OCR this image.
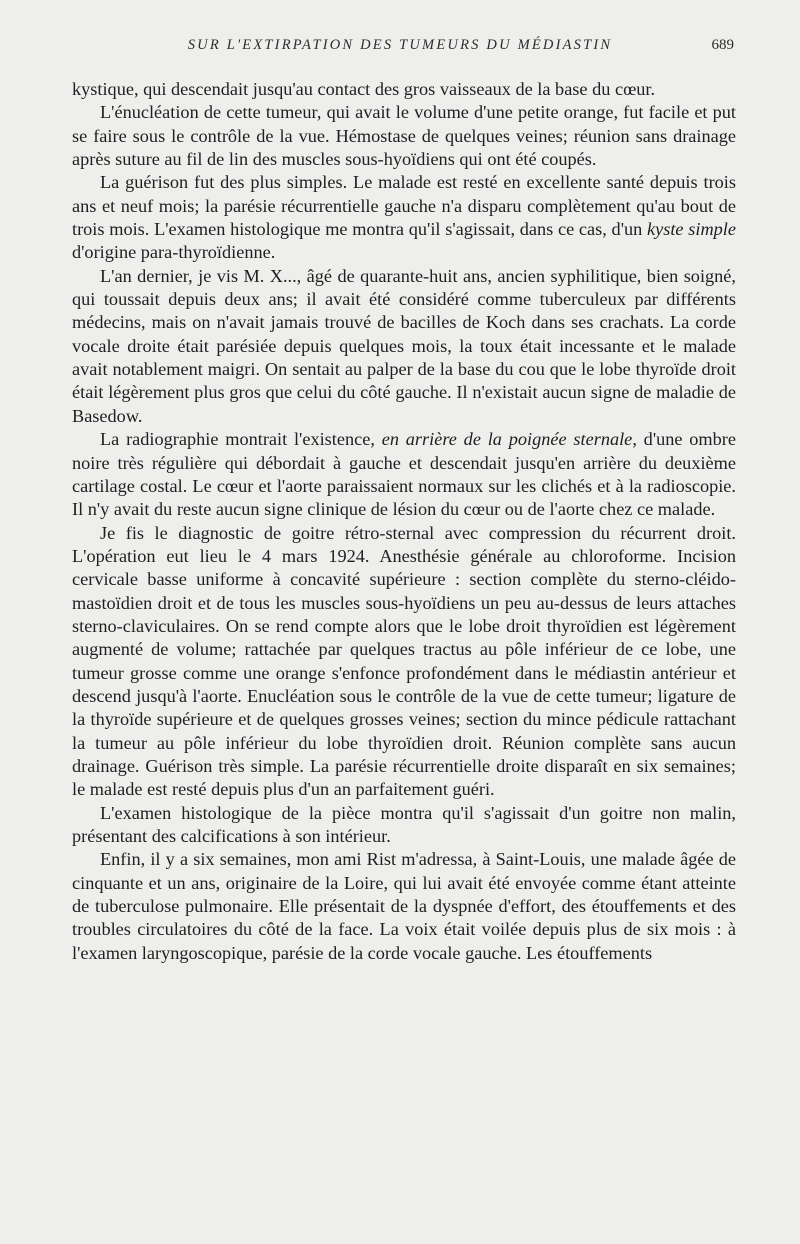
SUR L'EXTIRPATION DES TUMEURS DU MÉDIASTIN	689

kystique, qui descendait jusqu'au contact des gros vaisseaux de la base du cœur.

L'énucléation de cette tumeur, qui avait le volume d'une petite orange, fut facile et put se faire sous le contrôle de la vue. Hémostase de quelques veines; réunion sans drainage après suture au fil de lin des muscles sous-hyoïdiens qui ont été coupés.

La guérison fut des plus simples. Le malade est resté en excellente santé depuis trois ans et neuf mois; la parésie récurrentielle gauche n'a disparu complètement qu'au bout de trois mois. L'examen histologique me montra qu'il s'agissait, dans ce cas, d'un kyste simple d'origine para-thyroïdienne.

L'an dernier, je vis M. X..., âgé de quarante-huit ans, ancien syphilitique, bien soigné, qui toussait depuis deux ans; il avait été considéré comme tuberculeux par différents médecins, mais on n'avait jamais trouvé de bacilles de Koch dans ses crachats. La corde vocale droite était parésiée depuis quelques mois, la toux était incessante et le malade avait notablement maigri. On sentait au palper de la base du cou que le lobe thyroïde droit était légèrement plus gros que celui du côté gauche. Il n'existait aucun signe de maladie de Basedow.

La radiographie montrait l'existence, en arrière de la poignée sternale, d'une ombre noire très régulière qui débordait à gauche et descendait jusqu'en arrière du deuxième cartilage costal. Le cœur et l'aorte paraissaient normaux sur les clichés et à la radioscopie. Il n'y avait du reste aucun signe clinique de lésion du cœur ou de l'aorte chez ce malade.

Je fis le diagnostic de goitre rétro-sternal avec compression du récurrent droit. L'opération eut lieu le 4 mars 1924. Anesthésie générale au chloroforme. Incision cervicale basse uniforme à concavité supérieure : section complète du sterno-cléido-mastoïdien droit et de tous les muscles sous-hyoïdiens un peu au-dessus de leurs attaches sterno-claviculaires. On se rend compte alors que le lobe droit thyroïdien est légèrement augmenté de volume; rattachée par quelques tractus au pôle inférieur de ce lobe, une tumeur grosse comme une orange s'enfonce profondément dans le médiastin antérieur et descend jusqu'à l'aorte. Enucléation sous le contrôle de la vue de cette tumeur; ligature de la thyroïde supérieure et de quelques grosses veines; section du mince pédicule rattachant la tumeur au pôle inférieur du lobe thyroïdien droit. Réunion complète sans aucun drainage. Guérison très simple. La parésie récurrentielle droite disparaît en six semaines; le malade est resté depuis plus d'un an parfaitement guéri.

L'examen histologique de la pièce montra qu'il s'agissait d'un goitre non malin, présentant des calcifications à son intérieur.

Enfin, il y a six semaines, mon ami Rist m'adressa, à Saint-Louis, une malade âgée de cinquante et un ans, originaire de la Loire, qui lui avait été envoyée comme étant atteinte de tuberculose pulmonaire. Elle présentait de la dyspnée d'effort, des étouffements et des troubles circulatoires du côté de la face. La voix était voilée depuis plus de six mois : à l'examen laryngoscopique, parésie de la corde vocale gauche. Les étouffements
